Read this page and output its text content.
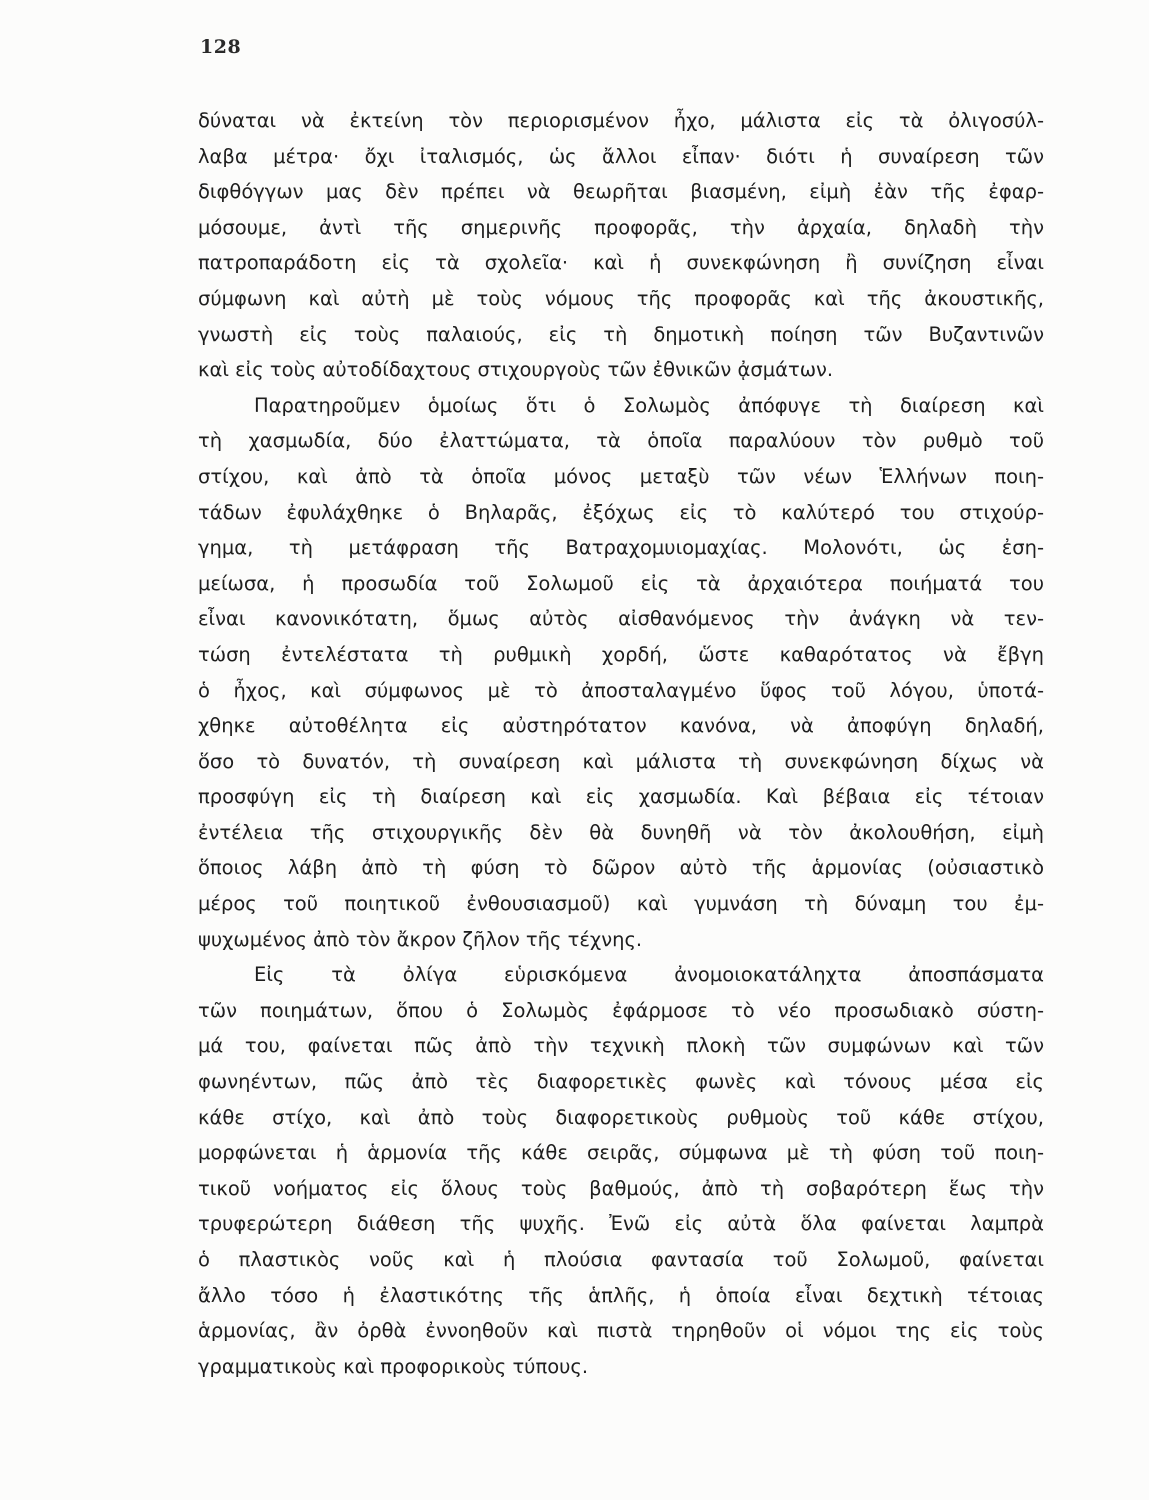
128
δύναται νὰ ἐκτείνη τὸν περιορισμένον ἦχο, μάλιστα εἰς τὰ ὀλιγοσύλ-
λαβα μέτρα· ὄχι ἰταλισμός, ὡς ἄλλοι εἶπαν· διότι ἡ συναίρεση τῶν
διφθόγγων μας δὲν πρέπει νὰ θεωρῆται βιασμένη, εἰμὴ ἐὰν τῆς ἐφαρ-
μόσουμε, ἀντὶ τῆς σημερινῆς προφορᾶς, τὴν ἀρχαία, δηλαδὴ τὴν
πατροπαράδοτη εἰς τὰ σχολεῖα· καὶ ἡ συνεκφώνηση ἢ συνίζηση εἶναι
σύμφωνη καὶ αὐτὴ μὲ τοὺς νόμους τῆς προφορᾶς καὶ τῆς ἀκουστικῆς,
γνωστὴ εἰς τοὺς παλαιούς, εἰς τὴ δημοτικὴ ποίηση τῶν Βυζαντινῶν
καὶ εἰς τοὺς αὐτοδίδαχτους στιχουργοὺς τῶν ἐθνικῶν ᾀσμάτων.
Παρατηροῦμεν ὁμοίως ὅτι ὁ Σολωμὸς ἀπόφυγε τὴ διαίρεση καὶ
τὴ χασμωδία, δύο ἐλαττώματα, τὰ ὁποῖα παραλύουν τὸν ρυθμὸ τοῦ
στίχου, καὶ ἀπὸ τὰ ὁποῖα μόνος μεταξὺ τῶν νέων Ἑλλήνων ποιη-
τάδων ἐφυλάχθηκε ὁ Βηλαρᾶς, ἐξόχως εἰς τὸ καλύτερό του στιχούρ-
γημα, τὴ μετάφραση τῆς Βατραχομυιομαχίας. Μολονότι, ὡς ἐση-
μείωσα, ἡ προσωδία τοῦ Σολωμοῦ εἰς τὰ ἀρχαιότερα ποιήματά του
εἶναι κανονικότατη, ὅμως αὐτὸς αἰσθανόμενος τὴν ἀνάγκη νὰ τεν-
τώση ἐντελέστατα τὴ ρυθμικὴ χορδή, ὥστε καθαρότατος νὰ ἔβγη
ὁ ἦχος, καὶ σύμφωνος μὲ τὸ ἀποσταλαγμένο ὕφος τοῦ λόγου, ὑποτά-
χθηκε αὐτοθέλητα εἰς αὐστηρότατον κανόνα, νὰ ἀποφύγη δηλαδή,
ὅσο τὸ δυνατόν, τὴ συναίρεση καὶ μάλιστα τὴ συνεκφώνηση δίχως νὰ
προσφύγη εἰς τὴ διαίρεση καὶ εἰς χασμωδία. Καὶ βέβαια εἰς τέτοιαν
ἐντέλεια τῆς στιχουργικῆς δὲν θὰ δυνηθῆ νὰ τὸν ἀκολουθήση, εἰμὴ
ὅποιος λάβη ἀπὸ τὴ φύση τὸ δῶρον αὐτὸ τῆς ἁρμονίας (οὐσιαστικὸ
μέρος τοῦ ποιητικοῦ ἐνθουσιασμοῦ) καὶ γυμνάση τὴ δύναμη του ἐμ-
ψυχωμένος ἀπὸ τὸν ἄκρον ζῆλον τῆς τέχνης.
Εἰς τὰ ὀλίγα εὑρισκόμενα ἀνομοιοκατάληχτα ἀποσπάσματα
τῶν ποιημάτων, ὅπου ὁ Σολωμὸς ἐφάρμοσε τὸ νέο προσωδιακὸ σύστη-
μά του, φαίνεται πῶς ἀπὸ τὴν τεχνικὴ πλοκὴ τῶν συμφώνων καὶ τῶν
φωνηέντων, πῶς ἀπὸ τὲς διαφορετικὲς φωνὲς καὶ τόνους μέσα εἰς
κάθε στίχο, καὶ ἀπὸ τοὺς διαφορετικοὺς ρυθμοὺς τοῦ κάθε στίχου,
μορφώνεται ἡ ἁρμονία τῆς κάθε σειρᾶς, σύμφωνα μὲ τὴ φύση τοῦ ποιη-
τικοῦ νοήματος εἰς ὅλους τοὺς βαθμούς, ἀπὸ τὴ σοβαρότερη ἕως τὴν
τρυφερώτερη διάθεση τῆς ψυχῆς. Ἐνῶ εἰς αὐτὰ ὅλα φαίνεται λαμπρὰ
ὁ πλαστικὸς νοῦς καὶ ἡ πλούσια φαντασία τοῦ Σολωμοῦ, φαίνεται
ἄλλο τόσο ἡ ἐλαστικότης τῆς ἁπλῆς, ἡ ὁποία εἶναι δεχτικὴ τέτοιας
ἁρμονίας, ἂν ὀρθὰ ἐννοηθοῦν καὶ πιστὰ τηρηθοῦν οἱ νόμοι της εἰς τοὺς
γραμματικοὺς καὶ προφορικοὺς τύπους.
